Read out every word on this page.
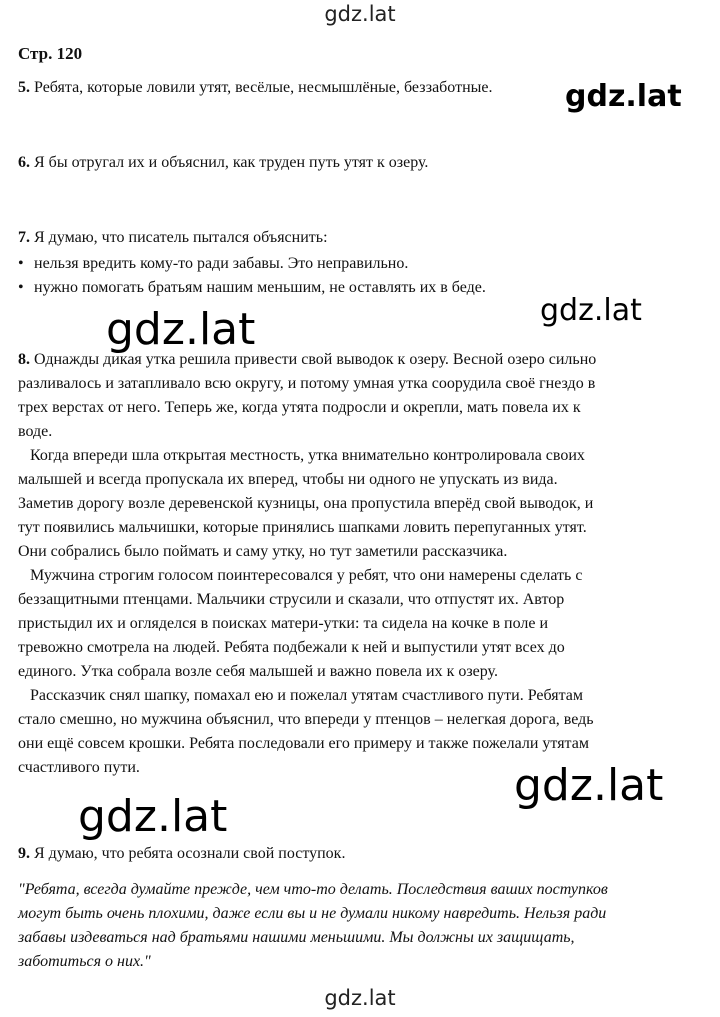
gdz.lat
gdz.lat
gdz.lat
gdz.lat
gdz.lat
gdz.lat
Стр. 120
5. Ребята, которые ловили утят, весёлые, несмышлёные, беззаботные.
6. Я бы отругал их и объяснил, как труден путь утят к озеру.
7. Я думаю, что писатель пытался объяснить:
• нельзя вредить кому-то ради забавы. Это неправильно.
• нужно помогать братьям нашим меньшим, не оставлять их в беде.
8. Однажды дикая утка решила привести свой выводок к озеру. Весной озеро сильно
разливалось и затапливало всю округу, и потому умная утка соорудила своё гнездо в
трех верстах от него. Теперь же, когда утята подросли и окрепли, мать повела их к
воде.
Когда впереди шла открытая местность, утка внимательно контролировала своих
малышей и всегда пропускала их вперед, чтобы ни одного не упускать из вида.
Заметив дорогу возле деревенской кузницы, она пропустила вперёд свой выводок, и
тут появились мальчишки, которые принялись шапками ловить перепуганных утят.
Они собрались было поймать и саму утку, но тут заметили рассказчика.
Мужчина строгим голосом поинтересовался у ребят, что они намерены сделать с
беззащитными птенцами. Мальчики струсили и сказали, что отпустят их. Автор
пристыдил их и огляделся в поисках матери-утки: та сидела на кочке в поле и
тревожно смотрела на людей. Ребята подбежали к ней и выпустили утят всех до
единого. Утка собрала возле себя малышей и важно повела их к озеру.
Рассказчик снял шапку, помахал ею и пожелал утятам счастливого пути. Ребятам
стало смешно, но мужчина объяснил, что впереди у птенцов – нелегкая дорога, ведь
они ещё совсем крошки. Ребята последовали его примеру и также пожелали утятам
счастливого пути.
9. Я думаю, что ребята осознали свой поступок.
"Ребята, всегда думайте прежде, чем что-то делать. Последствия ваших поступков
могут быть очень плохими, даже если вы и не думали никому навредить. Нельзя ради
забавы издеваться над братьями нашими меньшими. Мы должны их защищать,
заботиться о них."
gdz.lat
